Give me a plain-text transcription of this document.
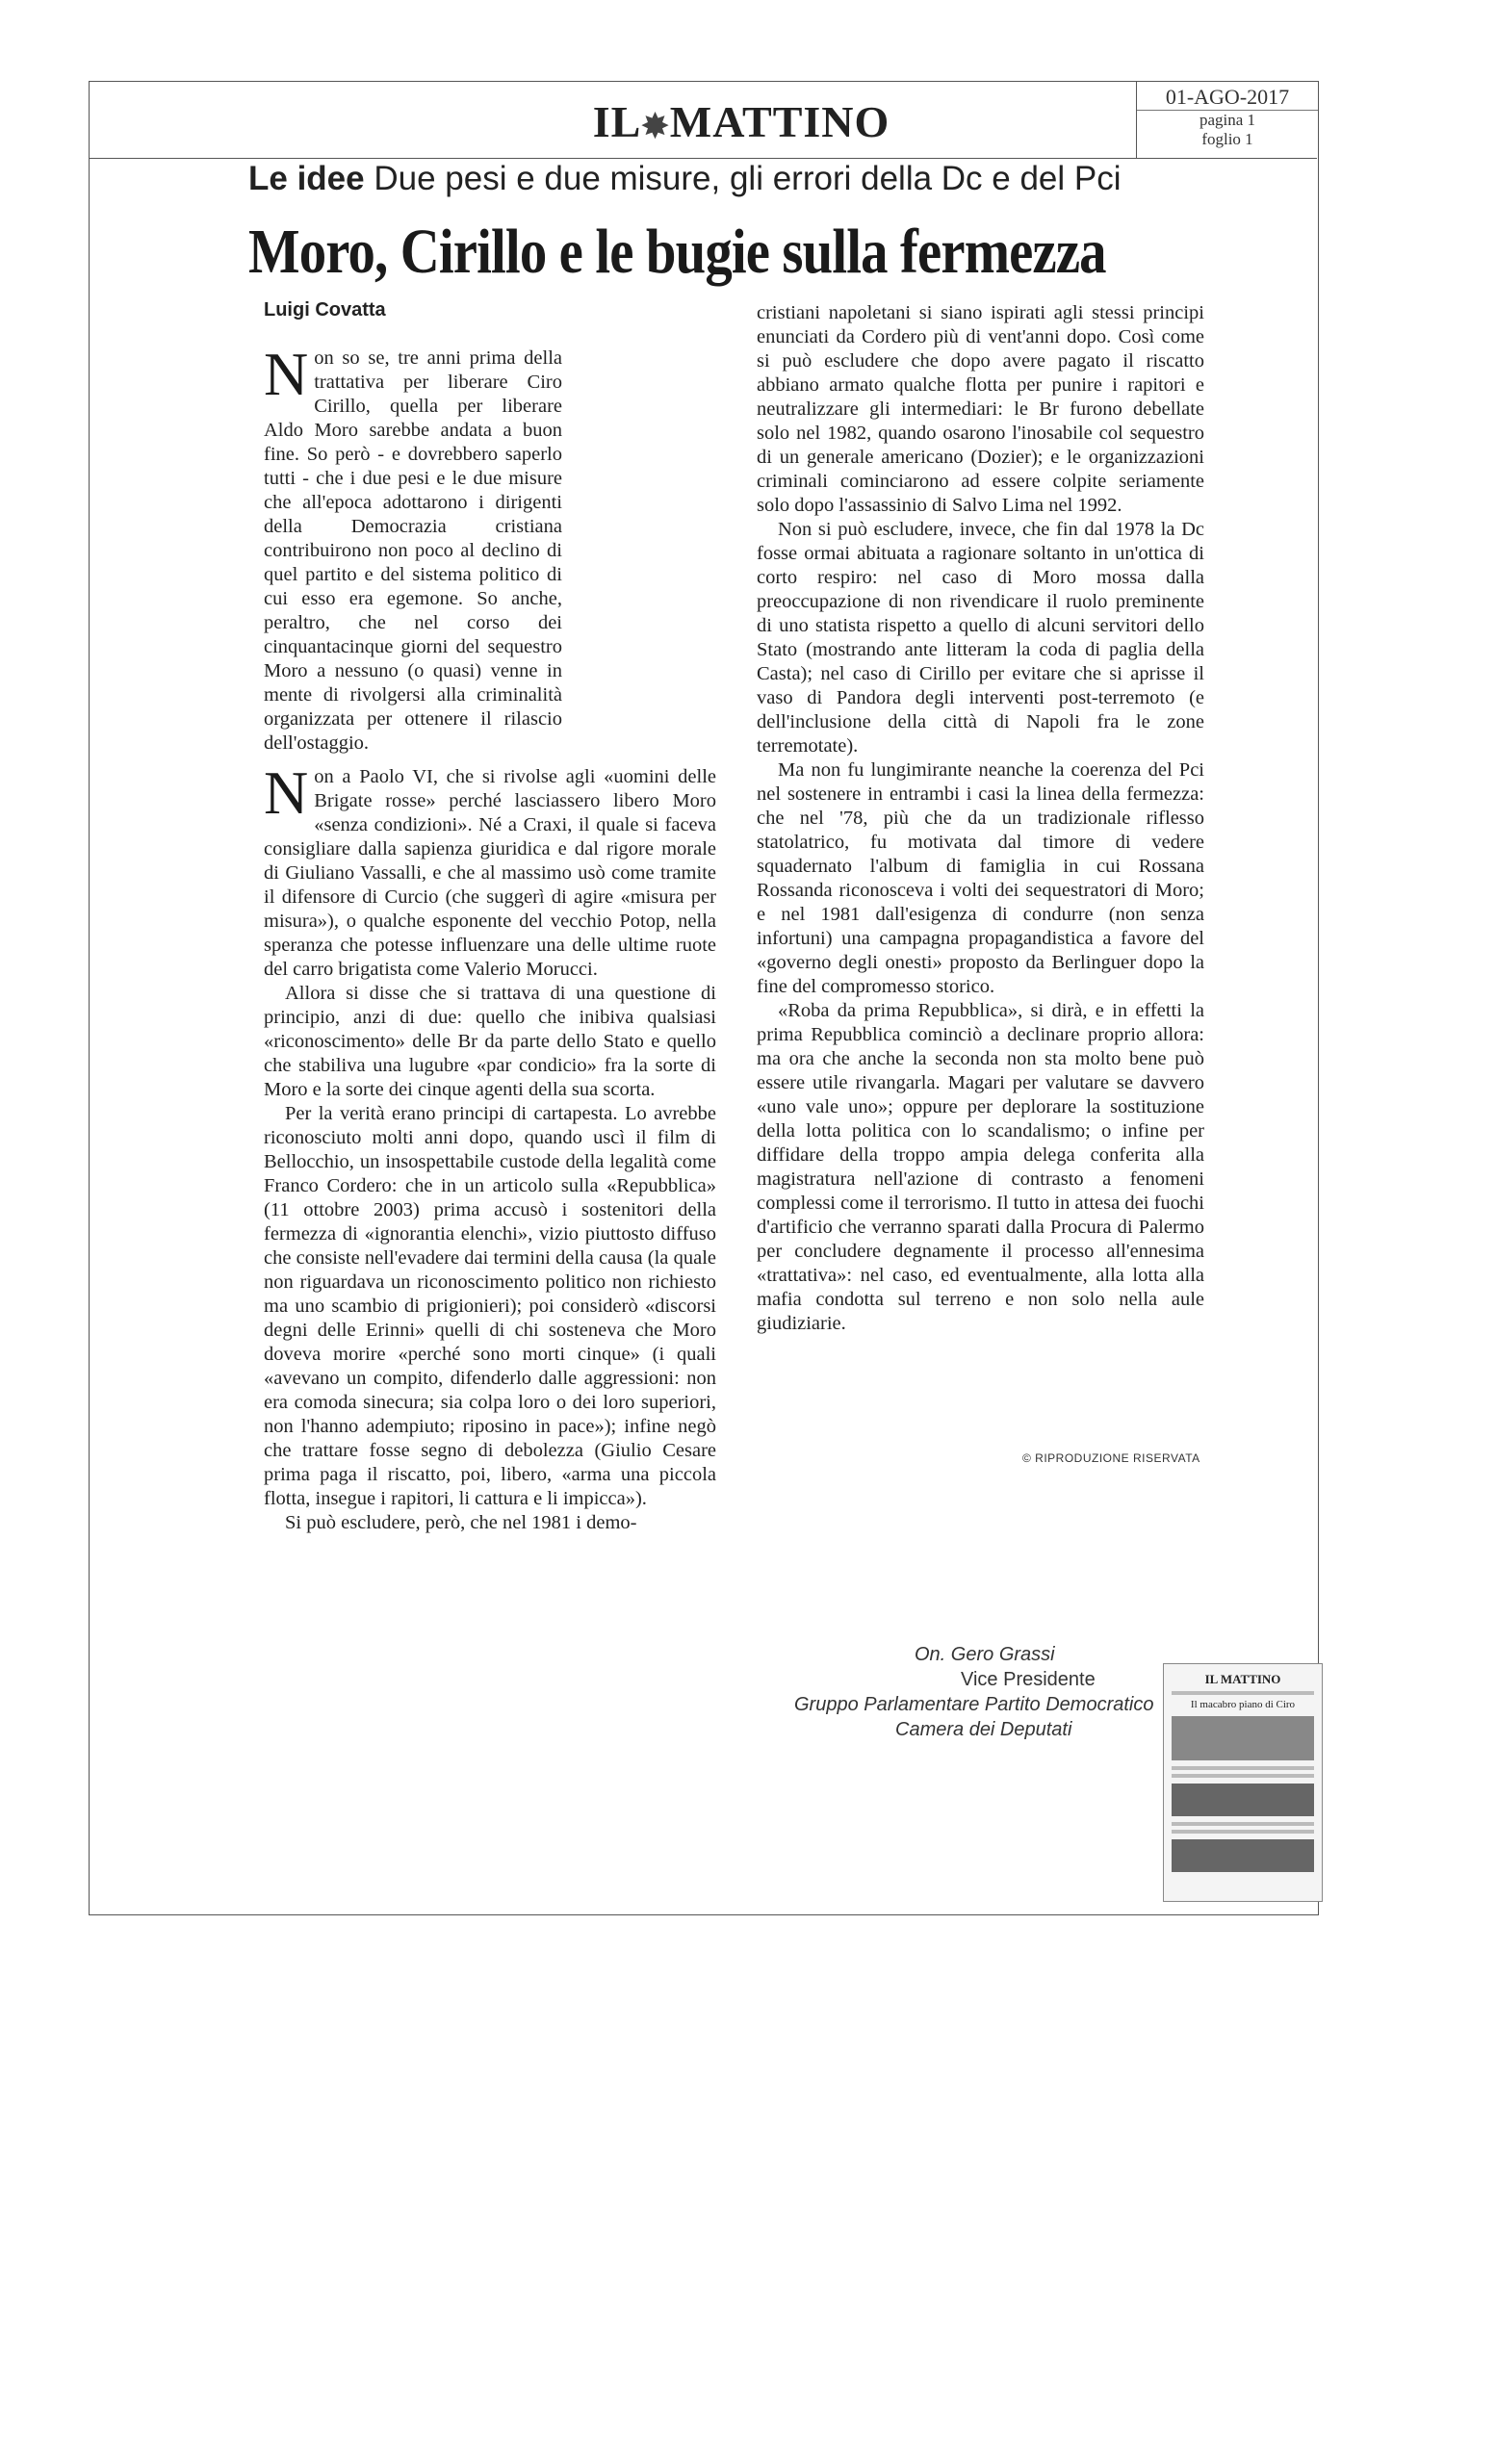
IL✸MATTINO
01-AGO-2017
pagina 1
foglio 1
Le idee Due pesi e due misure, gli errori della Dc e del Pci
Moro, Cirillo e le bugie sulla fermezza
Luigi Covatta

Non so se, tre anni prima della trattativa per liberare Ciro Cirillo, quella per liberare Aldo Moro sarebbe andata a buon fine. So però - e dovrebbero saperlo tutti - che i due pesi e le due misure che all'epoca adottarono i dirigenti della Democrazia cristiana contribuirono non poco al declino di quel partito e del sistema politico di cui esso era egemone. So anche, peraltro, che nel corso dei cinquantacinque giorni del sequestro Moro a nessuno (o quasi) venne in mente di rivolgersi alla criminalità organizzata per ottenere il rilascio dell'ostaggio.

Non a Paolo VI, che si rivolse agli «uomini delle Brigate rosse» perché lasciassero libero Moro «senza condizioni». Né a Craxi, il quale si faceva consigliare dalla sapienza giuridica e dal rigore morale di Giuliano Vassalli, e che al massimo usò come tramite il difensore di Curcio (che suggerì di agire «misura per misura»), o qualche esponente del vecchio Potop, nella speranza che potesse influenzare una delle ultime ruote del carro brigatista come Valerio Morucci.

Allora si disse che si trattava di una questione di principio, anzi di due: quello che inibiva qualsiasi «riconoscimento» delle Br da parte dello Stato e quello che stabiliva una lugubre «par condicio» fra la sorte di Moro e la sorte dei cinque agenti della sua scorta.

Per la verità erano principi di cartapesta. Lo avrebbe riconosciuto molti anni dopo, quando uscì il film di Bellocchio, un insospettabile custode della legalità come Franco Cordero: che in un articolo sulla «Repubblica» (11 ottobre 2003) prima accusò i sostenitori della fermezza di «ignorantia elenchi», vizio piuttosto diffuso che consiste nell'evadere dai termini della causa (la quale non riguardava un riconoscimento politico non richiesto ma uno scambio di prigionieri); poi considerò «discorsi degni delle Erinni» quelli di chi sosteneva che Moro doveva morire «perché sono morti cinque» (i quali «avevano un compito, difenderlo dalle aggressioni: non era comoda sinecura; sia colpa loro o dei loro superiori, non l'hanno adempiuto; riposino in pace»); infine negò che trattare fosse segno di debolezza (Giulio Cesare prima paga il riscatto, poi, libero, «arma una piccola flotta, insegue i rapitori, li cattura e li impicca»).

Si può escludere, però, che nel 1981 i demo-

cristiani napoletani si siano ispirati agli stessi principi enunciati da Cordero più di vent'anni dopo. Così come si può escludere che dopo avere pagato il riscatto abbiano armato qualche flotta per punire i rapitori e neutralizzare gli intermediari: le Br furono debellate solo nel 1982, quando osarono l'inosabile col sequestro di un generale americano (Dozier); e le organizzazioni criminali cominciarono ad essere colpite seriamente solo dopo l'assassinio di Salvo Lima nel 1992.

Non si può escludere, invece, che fin dal 1978 la Dc fosse ormai abituata a ragionare soltanto in un'ottica di corto respiro: nel caso di Moro mossa dalla preoccupazione di non rivendicare il ruolo preminente di uno statista rispetto a quello di alcuni servitori dello Stato (mostrando ante litteram la coda di paglia della Casta); nel caso di Cirillo per evitare che si aprisse il vaso di Pandora degli interventi post-terremoto (e dell'inclusione della città di Napoli fra le zone terremotate).

Ma non fu lungimirante neanche la coerenza del Pci nel sostenere in entrambi i casi la linea della fermezza: che nel '78, più che da un tradizionale riflesso statolatrico, fu motivata dal timore di vedere squadernato l'album di famiglia in cui Rossana Rossanda riconosceva i volti dei sequestratori di Moro; e nel 1981 dall'esigenza di condurre (non senza infortuni) una campagna propagandistica a favore del «governo degli onesti» proposto da Berlinguer dopo la fine del compromesso storico.

«Roba da prima Repubblica», si dirà, e in effetti la prima Repubblica cominciò a declinare proprio allora: ma ora che anche la seconda non sta molto bene può essere utile rivangarla. Magari per valutare se davvero «uno vale uno»; oppure per deplorare la sostituzione della lotta politica con lo scandalismo; o infine per diffidare della troppo ampia delega conferita alla magistratura nell'azione di contrasto a fenomeni complessi come il terrorismo. Il tutto in attesa dei fuochi d'artificio che verranno sparati dalla Procura di Palermo per concludere degnamente il processo all'ennesima «trattativa»: nel caso, ed eventualmente, alla lotta alla mafia condotta sul terreno e non solo nella aule giudiziarie.

© RIPRODUZIONE RISERVATA
On. Gero Grassi
Vice Presidente
Gruppo Parlamentare Partito Democratico
Camera dei Deputati
IL MATTINO
Il macabro piano di Ciro
